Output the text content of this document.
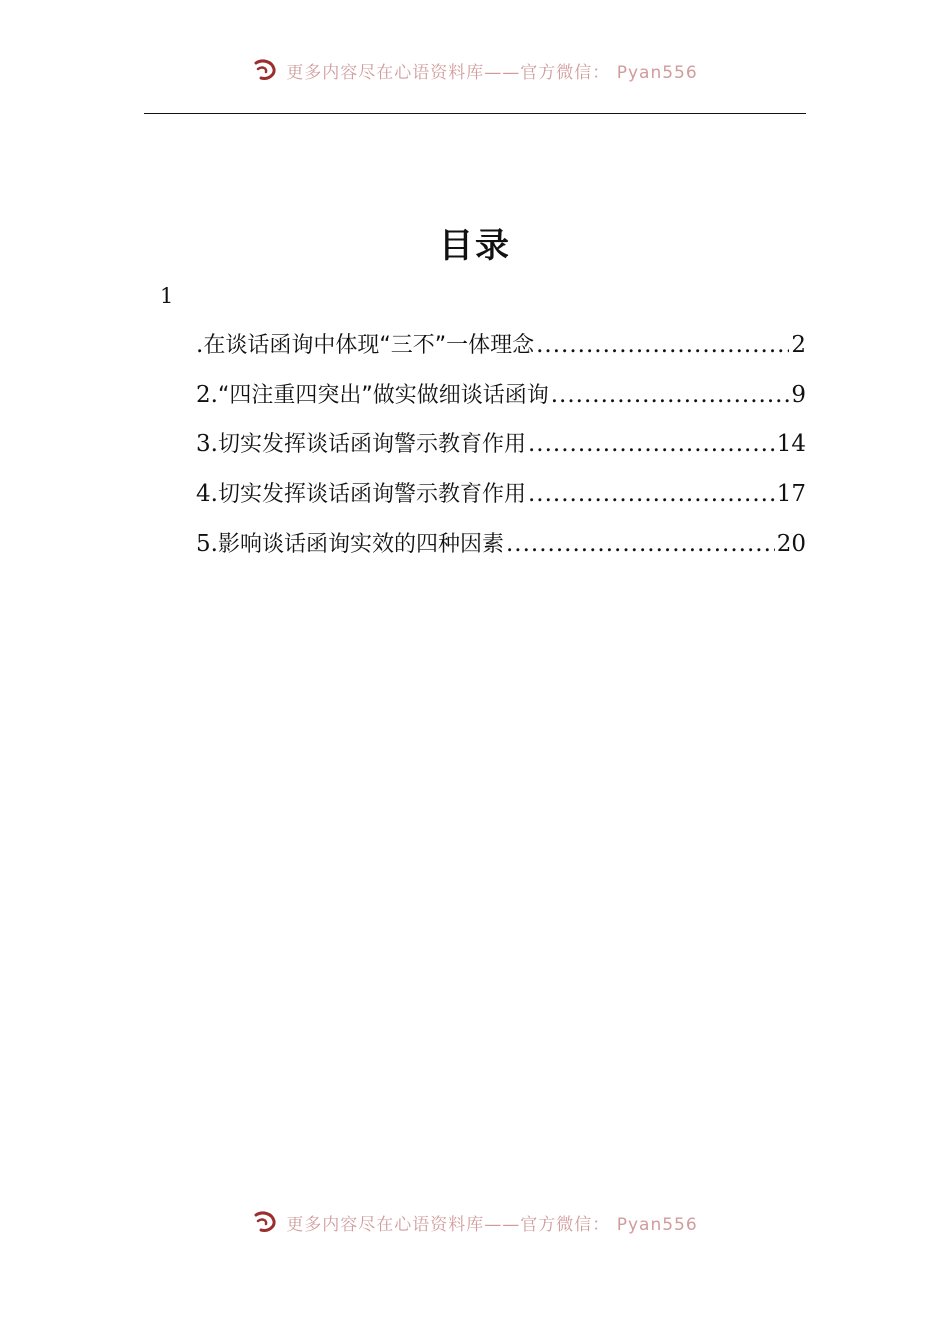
更多内容尽在心语资料库——官方微信： Pyan556
目录
1
. 在谈话函询中体现“三不”一体理念 .....	2
2. “四注重四突出”做实做细谈话函询 .....	9
3. 切实发挥谈话函询警示教育作用 .....	14
4. 切实发挥谈话函询警示教育作用 .....	17
5. 影响谈话函询实效的四种因素 .....	20
更多内容尽在心语资料库——官方微信： Pyan556
